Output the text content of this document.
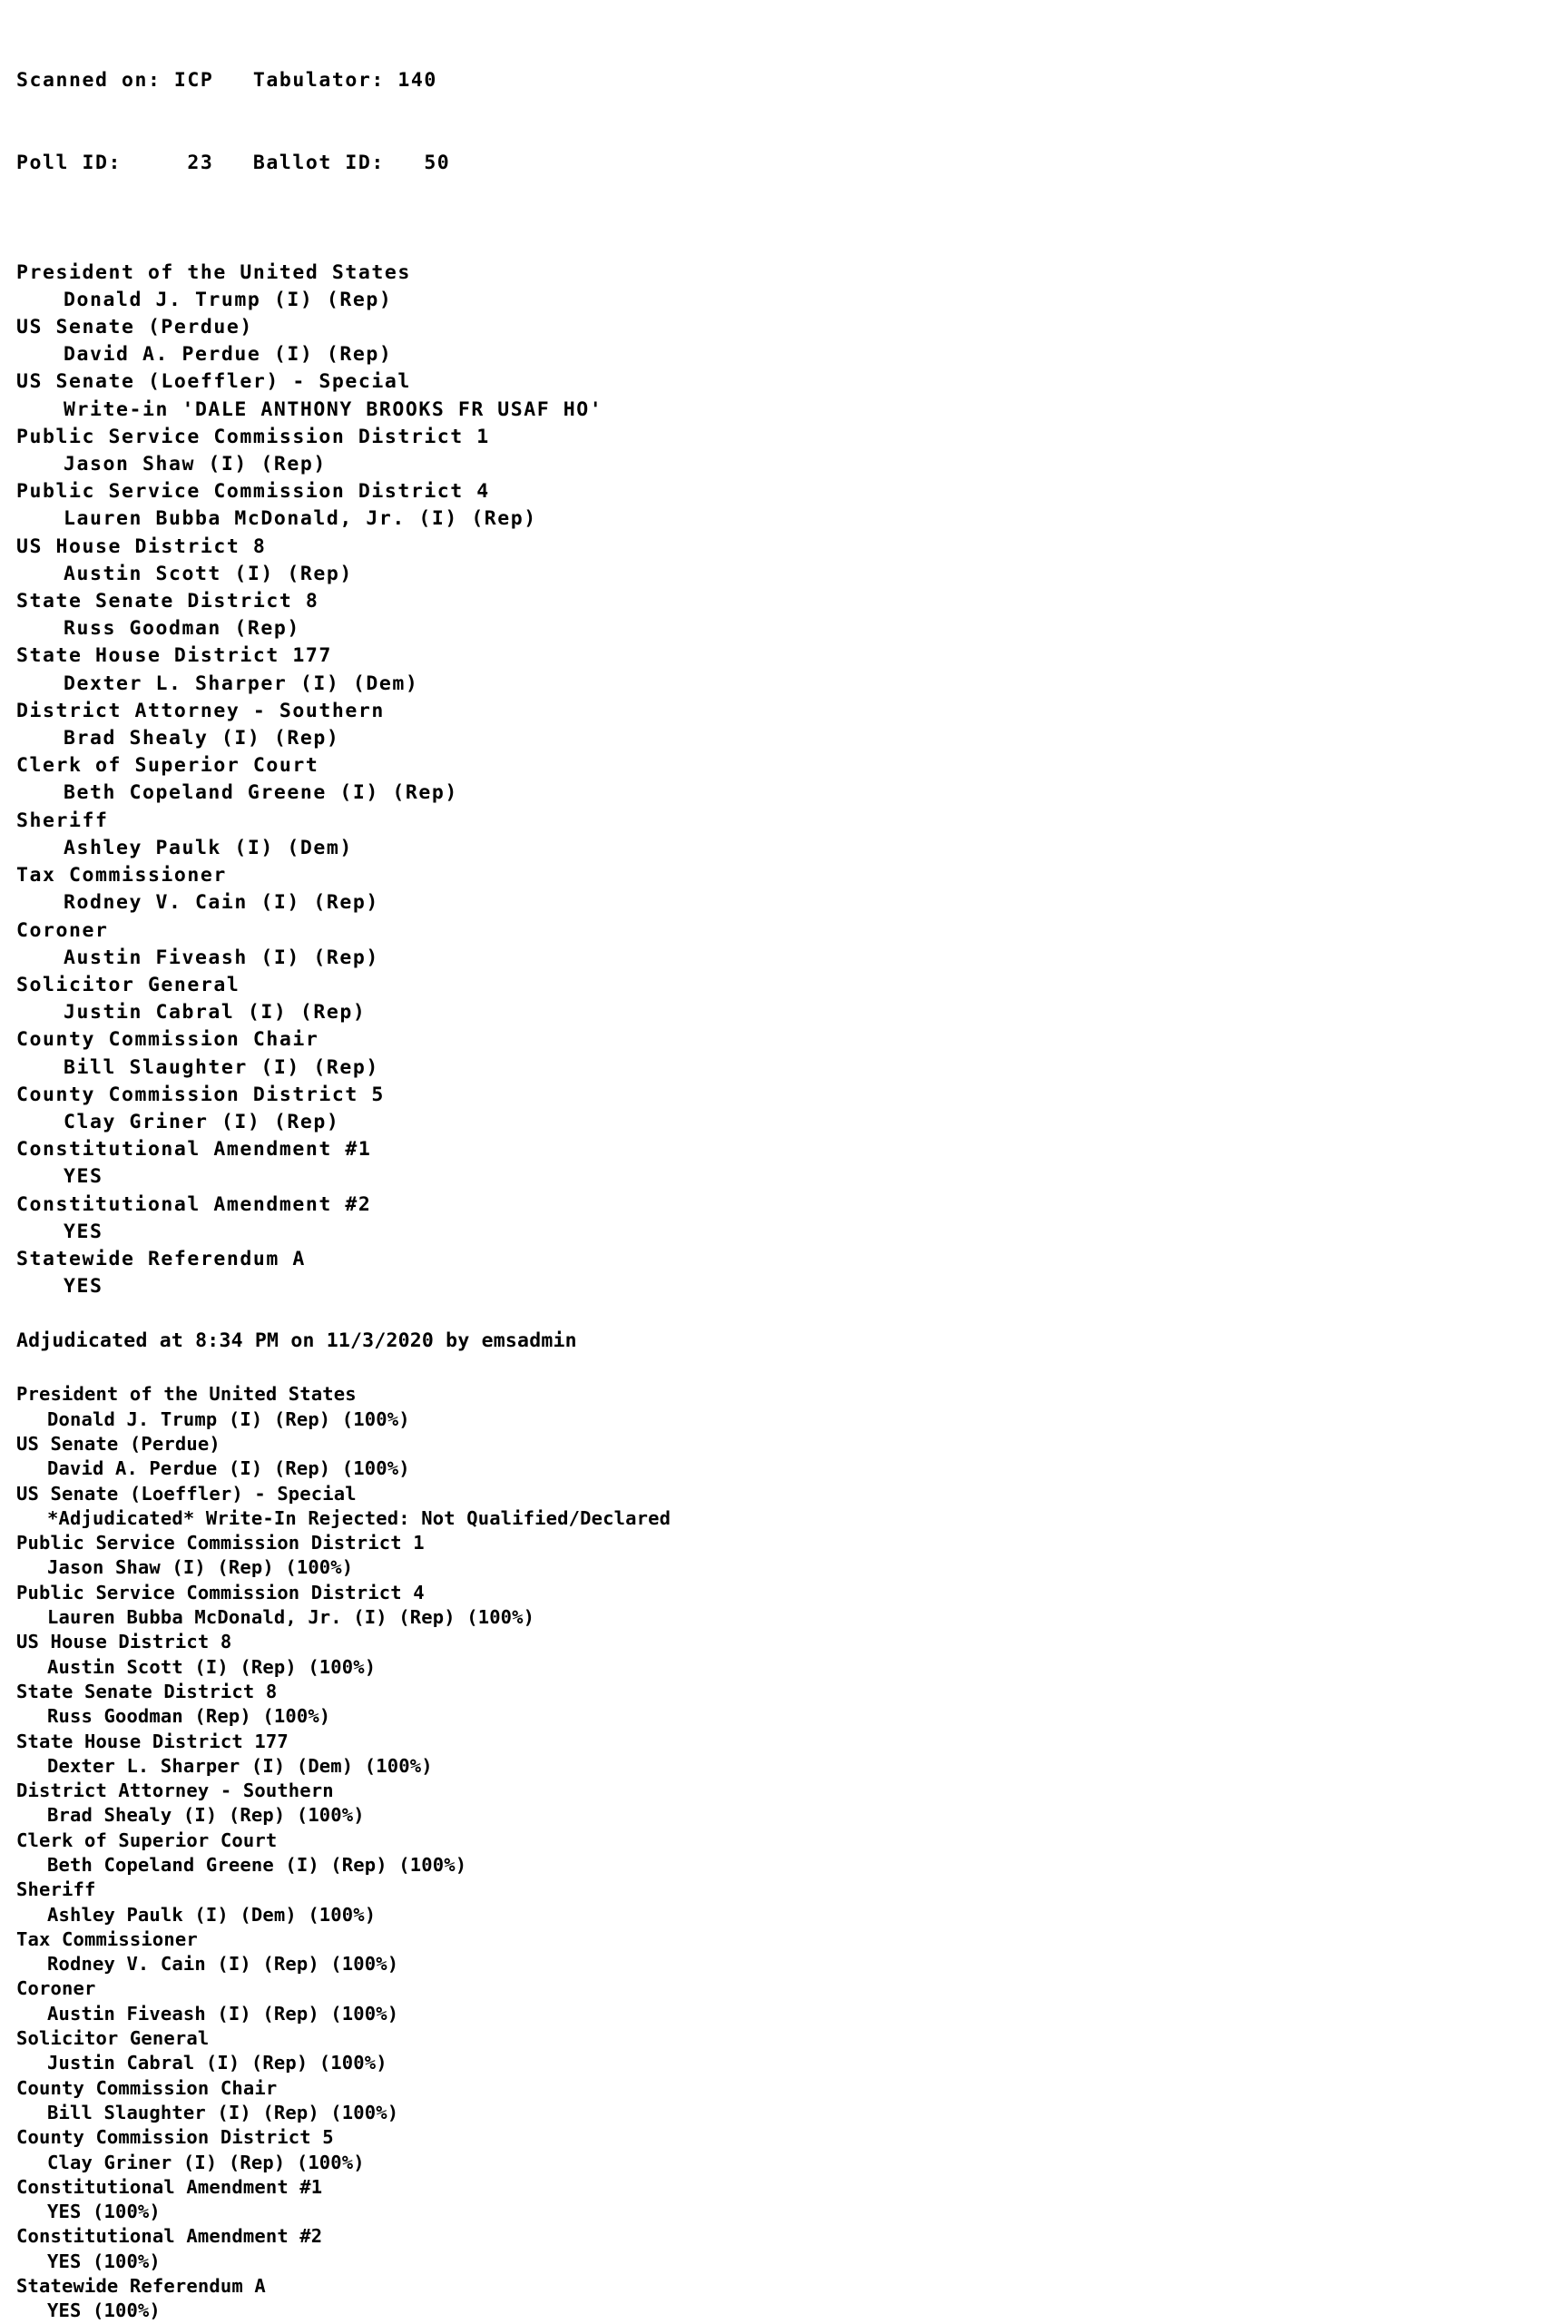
Scanned on: ICP   Tabulator: 140

Poll ID:     23   Ballot ID:   50

President of the United States
Donald J. Trump (I) (Rep)
US Senate (Perdue)
David A. Perdue (I) (Rep)
US Senate (Loeffler) - Special
Write-in 'DALE ANTHONY BROOKS FR USAF HO'
Public Service Commission District 1
Jason Shaw (I) (Rep)
Public Service Commission District 4
Lauren Bubba McDonald, Jr. (I) (Rep)
US House District 8
Austin Scott (I) (Rep)
State Senate District 8
Russ Goodman (Rep)
State House District 177
Dexter L. Sharper (I) (Dem)
District Attorney - Southern
Brad Shealy (I) (Rep)
Clerk of Superior Court
Beth Copeland Greene (I) (Rep)
Sheriff
Ashley Paulk (I) (Dem)
Tax Commissioner
Rodney V. Cain (I) (Rep)
Coroner
Austin Fiveash (I) (Rep)
Solicitor General
Justin Cabral (I) (Rep)
County Commission Chair
Bill Slaughter (I) (Rep)
County Commission District 5
Clay Griner (I) (Rep)
Constitutional Amendment #1
YES
Constitutional Amendment #2
YES
Statewide Referendum A
YES
Adjudicated at 8:34 PM on 11/3/2020 by emsadmin
President of the United States
Donald J. Trump (I) (Rep) (100%)
US Senate (Perdue)
David A. Perdue (I) (Rep) (100%)
US Senate (Loeffler) - Special
*Adjudicated* Write-In Rejected: Not Qualified/Declared
Public Service Commission District 1
Jason Shaw (I) (Rep) (100%)
Public Service Commission District 4
Lauren Bubba McDonald, Jr. (I) (Rep) (100%)
US House District 8
Austin Scott (I) (Rep) (100%)
State Senate District 8
Russ Goodman (Rep) (100%)
State House District 177
Dexter L. Sharper (I) (Dem) (100%)
District Attorney - Southern
Brad Shealy (I) (Rep) (100%)
Clerk of Superior Court
Beth Copeland Greene (I) (Rep) (100%)
Sheriff
Ashley Paulk (I) (Dem) (100%)
Tax Commissioner
Rodney V. Cain (I) (Rep) (100%)
Coroner
Austin Fiveash (I) (Rep) (100%)
Solicitor General
Justin Cabral (I) (Rep) (100%)
County Commission Chair
Bill Slaughter (I) (Rep) (100%)
County Commission District 5
Clay Griner (I) (Rep) (100%)
Constitutional Amendment #1
YES (100%)
Constitutional Amendment #2
YES (100%)
Statewide Referendum A
YES (100%)
